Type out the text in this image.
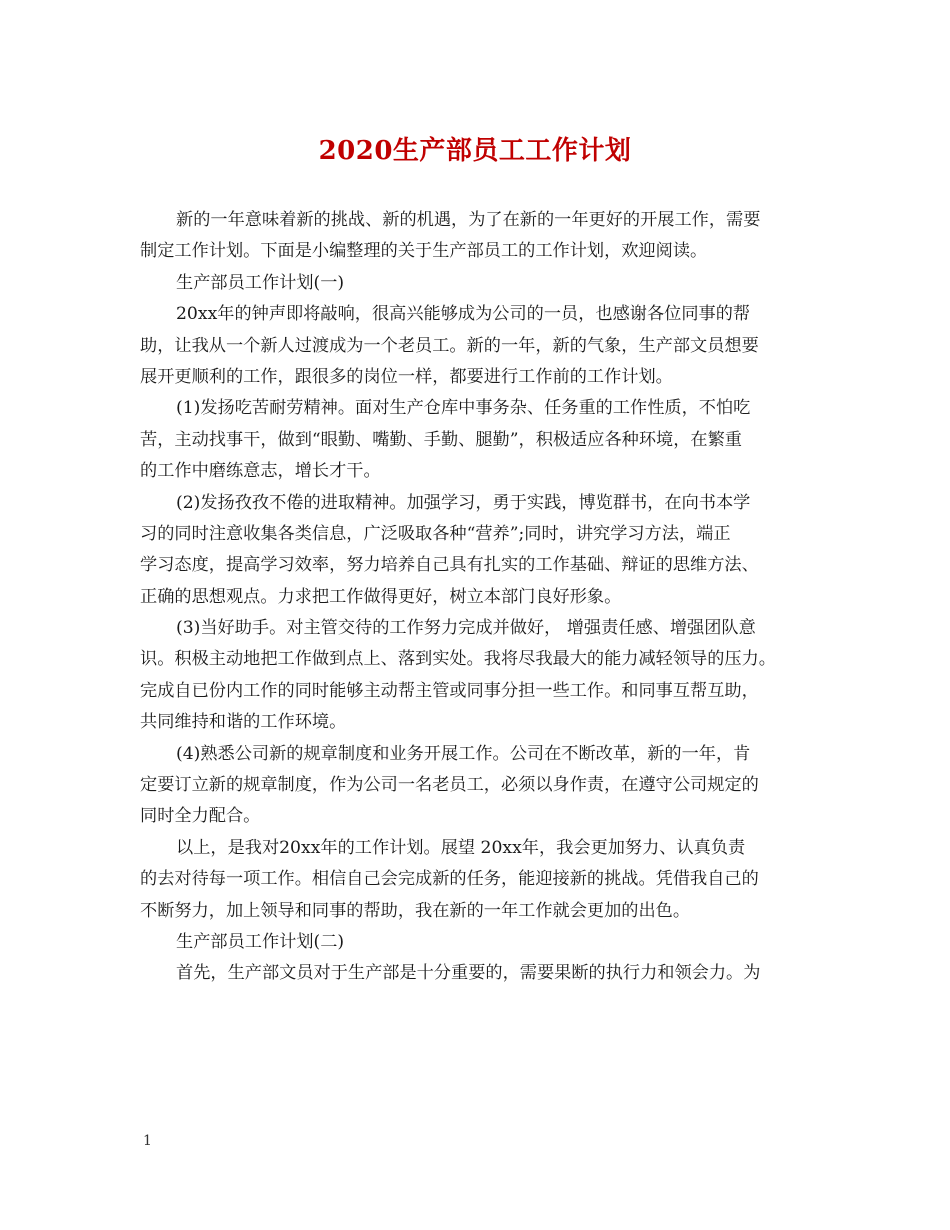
2020生产部员工工作计划
新的一年意味着新的挑战、新的机遇，为了在新的一年更好的开展工作，需要
制定工作计划。下面是小编整理的关于生产部员工的工作计划，欢迎阅读。
生产部员工作计划(一)
20xx年的钟声即将敲响，很高兴能够成为公司的一员，也感谢各位同事的帮
助，让我从一个新人过渡成为一个老员工。新的一年，新的气象，生产部文员想要
展开更顺利的工作，跟很多的岗位一样，都要进行工作前的工作计划。
(1)发扬吃苦耐劳精神。面对生产仓库中事务杂、任务重的工作性质，不怕吃
苦，主动找事干，做到“眼勤、嘴勤、手勤、腿勤”，积极适应各种环境，在繁重
的工作中磨练意志，增长才干。
(2)发扬孜孜不倦的进取精神。加强学习，勇于实践，博览群书，在向书本学
习的同时注意收集各类信息，广泛吸取各种“营养”;同时，讲究学习方法，端正
学习态度，提高学习效率，努力培养自己具有扎实的工作基础、辩证的思维方法、
正确的思想观点。力求把工作做得更好，树立本部门良好形象。
(3)当好助手。对主管交待的工作努力完成并做好， 增强责任感、增强团队意
识。积极主动地把工作做到点上、落到实处。我将尽我最大的能力减轻领导的压力。
完成自已份内工作的同时能够主动帮主管或同事分担一些工作。和同事互帮互助，
共同维持和谐的工作环境。
(4)熟悉公司新的规章制度和业务开展工作。公司在不断改革，新的一年，肯
定要订立新的规章制度，作为公司一名老员工，必须以身作责，在遵守公司规定的
同时全力配合。
以上，是我对20xx年的工作计划。展望 20xx年，我会更加努力、认真负责
的去对待每一项工作。相信自己会完成新的任务，能迎接新的挑战。凭借我自己的
不断努力，加上领导和同事的帮助，我在新的一年工作就会更加的出色。
生产部员工作计划(二)
首先，生产部文员对于生产部是十分重要的，需要果断的执行力和领会力。为
1
